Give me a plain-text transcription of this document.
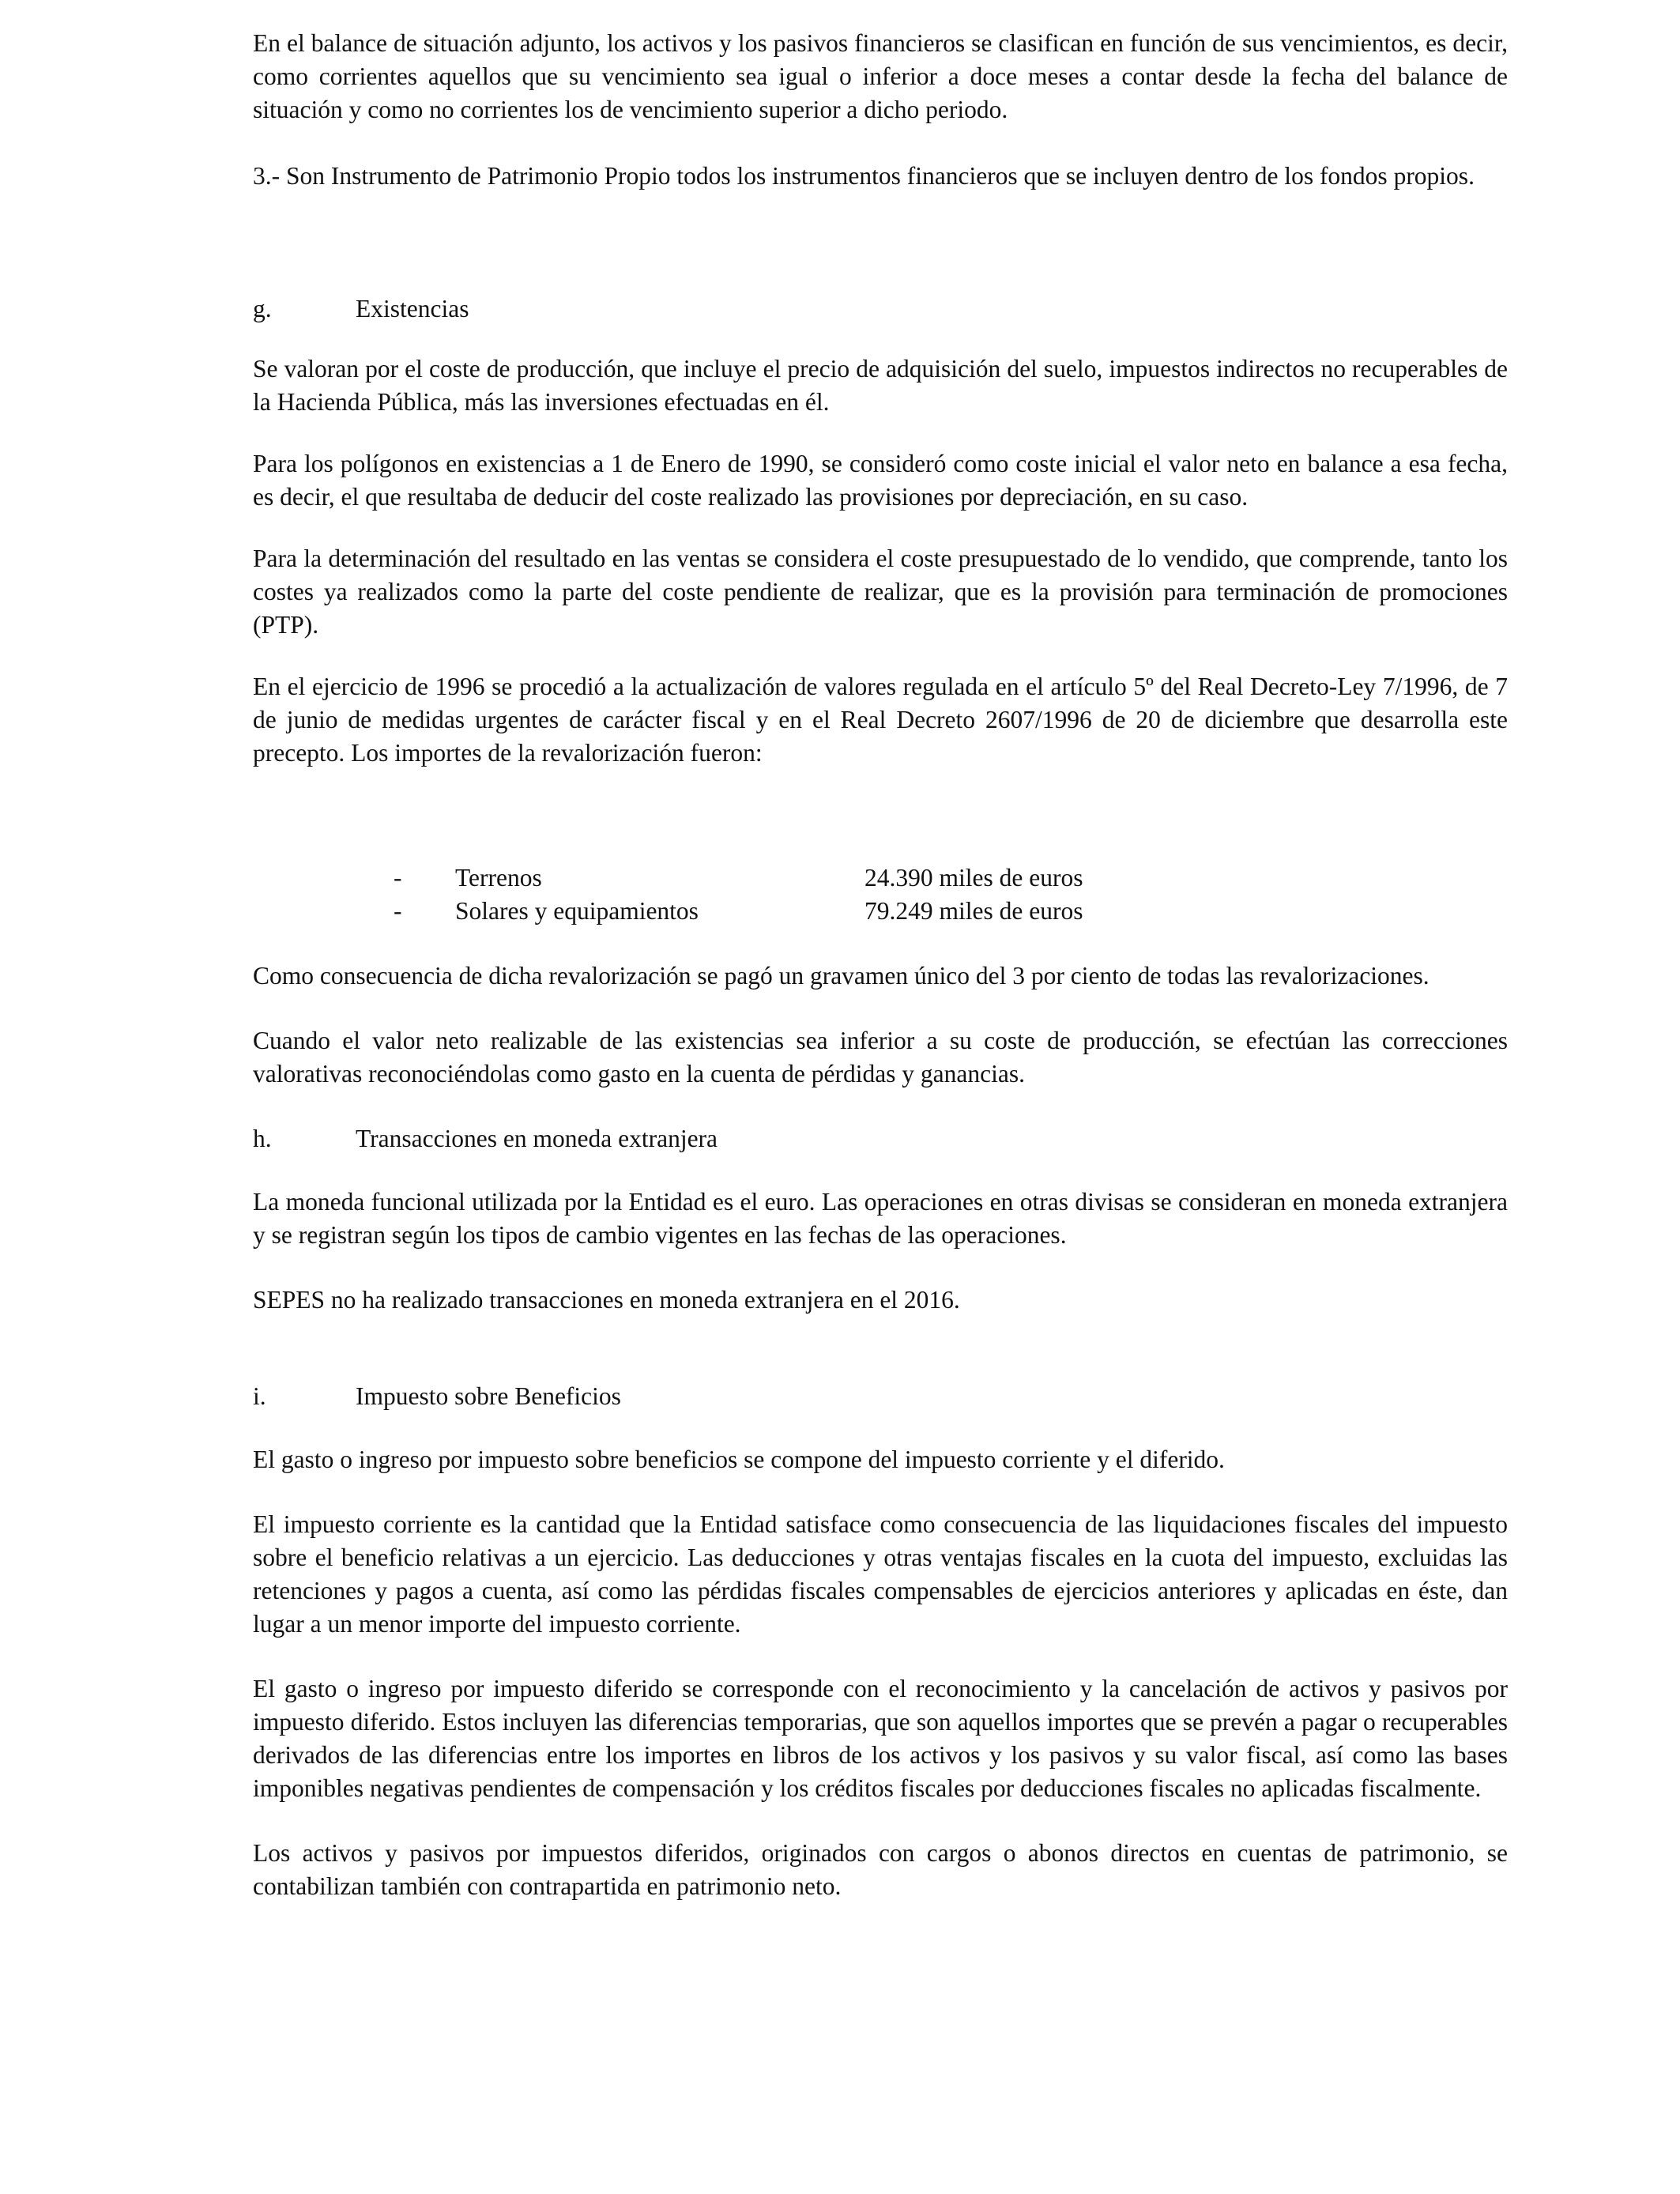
En el balance de situación adjunto, los activos y los pasivos financieros se clasifican en función de sus vencimientos, es decir, como corrientes aquellos que su vencimiento sea igual o inferior a doce meses a contar desde la fecha del balance de situación y como no corrientes los de vencimiento superior a dicho periodo.

3.- Son Instrumento de Patrimonio Propio todos los instrumentos financieros que se incluyen dentro de los fondos propios.

g.	Existencias

Se valoran por el coste de producción, que incluye el precio de adquisición del suelo, impuestos indirectos no recuperables de la Hacienda Pública, más las inversiones efectuadas en él.

Para los polígonos en existencias a 1 de Enero de 1990, se consideró como coste inicial el valor neto en balance a esa fecha, es decir, el que resultaba de deducir del coste realizado las provisiones por depreciación, en su caso.

Para la determinación del resultado en las ventas se considera el coste presupuestado de lo vendido, que comprende, tanto los costes ya realizados como la parte del coste pendiente de realizar, que es la provisión para terminación de promociones (PTP).

En el ejercicio de 1996 se procedió a la actualización de valores regulada en el artículo 5º del Real Decreto-Ley 7/1996, de 7 de junio de medidas urgentes de carácter fiscal y en el Real Decreto 2607/1996 de 20 de diciembre que desarrolla este precepto. Los importes de la revalorización fueron:

-	Terrenos	24.390 miles de euros
-	Solares y equipamientos	79.249 miles de euros

Como consecuencia de dicha revalorización se pagó un gravamen único del 3 por ciento de todas las revalorizaciones.

Cuando el valor neto realizable de las existencias sea inferior a su coste de producción, se efectúan las correcciones valorativas reconociéndolas como gasto en la cuenta de pérdidas y ganancias.

h.	Transacciones en moneda extranjera

La moneda funcional utilizada por la Entidad es el euro. Las operaciones en otras divisas se consideran en moneda extranjera y se registran según los tipos de cambio vigentes en las fechas de las operaciones.

SEPES no ha realizado transacciones en moneda extranjera en el 2016.

i.	Impuesto sobre Beneficios

El gasto o ingreso por impuesto sobre beneficios se compone del impuesto corriente y el diferido.

El impuesto corriente es la cantidad que la Entidad satisface como consecuencia de las liquidaciones fiscales del impuesto sobre el beneficio relativas a un ejercicio. Las deducciones y otras ventajas fiscales en la cuota del impuesto, excluidas las retenciones y pagos a cuenta, así como las pérdidas fiscales compensables de ejercicios anteriores y aplicadas en éste, dan lugar a un menor importe del impuesto corriente.

El gasto o ingreso por impuesto diferido se corresponde con el reconocimiento y la cancelación de activos y pasivos por impuesto diferido. Estos incluyen las diferencias temporarias, que son aquellos importes que se prevén a pagar o recuperables derivados de las diferencias entre los importes en libros de los activos y los pasivos y su valor fiscal, así como las bases imponibles negativas pendientes de compensación y los créditos fiscales por deducciones fiscales no aplicadas fiscalmente.

Los activos y pasivos por impuestos diferidos, originados con cargos o abonos directos en cuentas de patrimonio, se contabilizan también con contrapartida en patrimonio neto.
